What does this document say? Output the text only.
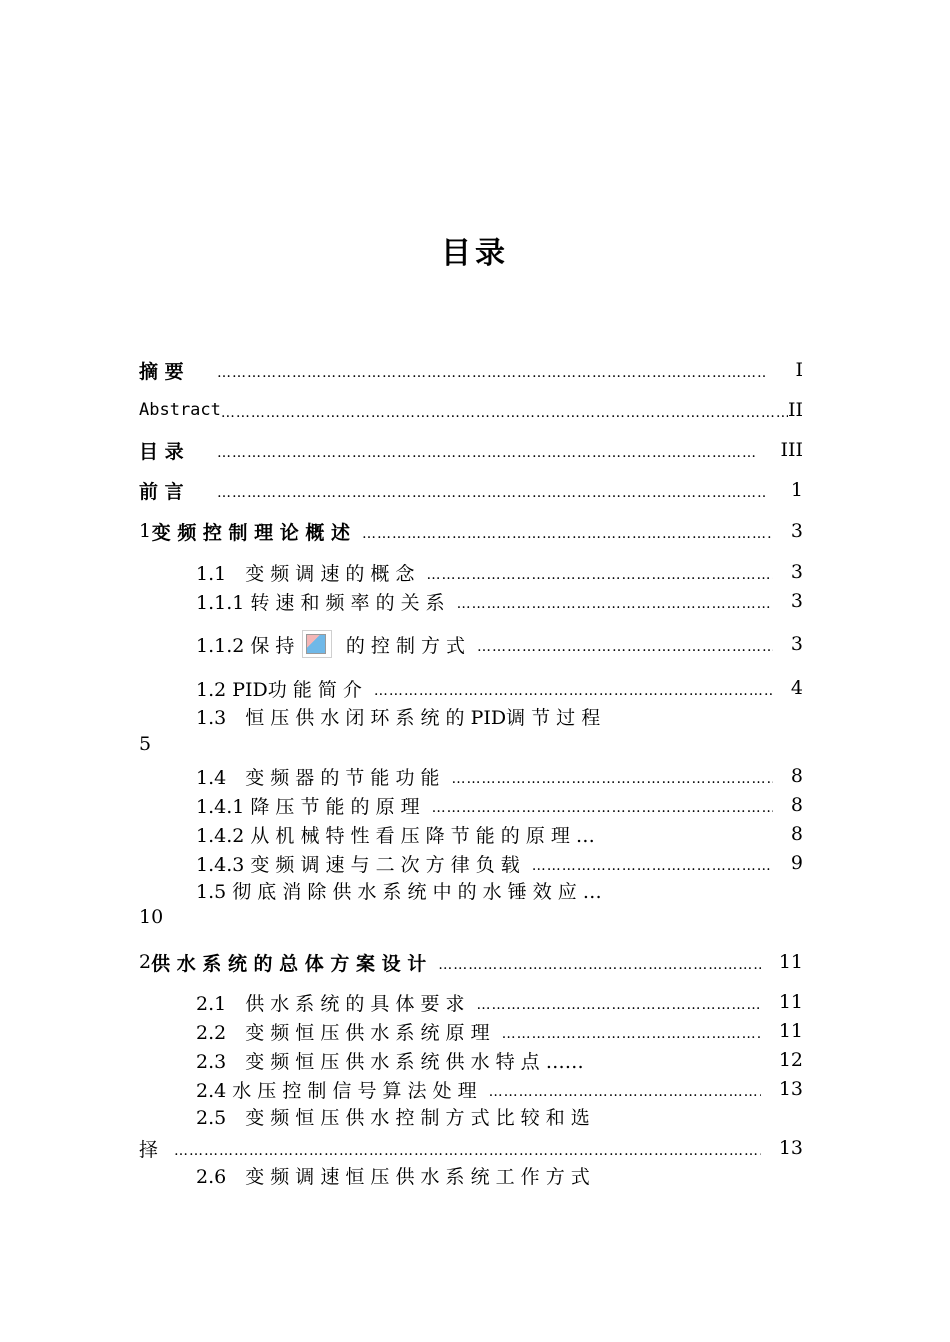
目录
摘 要 …………………………………………………………………………………………………………………………………………………………………………………………………………………………	I
Abstract …………………………………………………………………………………………………………………………………………………………………………………………………………………………	II
目 录 …………………………………………………………………………………………………………………………………………………………………………………………………………………………	III
前 言 …………………………………………………………………………………………………………………………………………………………………………………………………………………………	1
1 变 频 控 制 理 论 概 述 …………………………………………………………………………………………………………………………………………………………………………………………………………………………	3
1.1　变 频 调 速 的 概 念 …………………………………………………………………………………………………………………………………………………………………………………………………………………………	3
1.1.1 转 速 和 频 率 的 关 系 …………………………………………………………………………………………………………………………………………………………………………………………………………………………	3
1.1.2 保 持	的 控 制 方 式 …………………………………………………………………………………………………………………………………………………………………………………………………………………………	3
1.2 PID功 能 简 介 …………………………………………………………………………………………………………………………………………………………………………………………………………………………	4
1.3　恒 压 供 水 闭 环 系 统 的 PID调 节 过 程
5
1.4　变 频 器 的 节 能 功 能 …………………………………………………………………………………………………………………………………………………………………………………………………………………………	8
1.4.1 降 压 节 能 的 原 理 …………………………………………………………………………………………………………………………………………………………………………………………………………………………	8
1.4.2 从 机 械 特 性 看 压 降 节 能 的 原 理 …	8
1.4.3 变 频 调 速 与 二 次 方 律 负 载 …………………………………………………………………………………………………………………………………………………………………………………………………………………………	9
1.5 彻 底 消 除 供 水 系 统 中 的 水 锤 效 应 …
10
2 供 水 系 统 的 总 体 方 案 设 计 …………………………………………………………………………………………………………………………………………………………………………………………………………………………	11
2.1　供 水 系 统 的 具 体 要 求 …………………………………………………………………………………………………………………………………………………………………………………………………………………………	11
2.2　变 频 恒 压 供 水 系 统 原 理 …………………………………………………………………………………………………………………………………………………………………………………………………………………………	11
2.3　变 频 恒 压 供 水 系 统 供 水 特 点 ……	12
2.4 水 压 控 制 信 号 算 法 处 理 …………………………………………………………………………………………………………………………………………………………………………………………………………………………	13
2.5　变 频 恒 压 供 水 控 制 方 式 比 较 和 选
择 …………………………………………………………………………………………………………………………………………………………………………………………………………………………	13
2.6　变 频 调 速 恒 压 供 水 系 统 工 作 方 式
